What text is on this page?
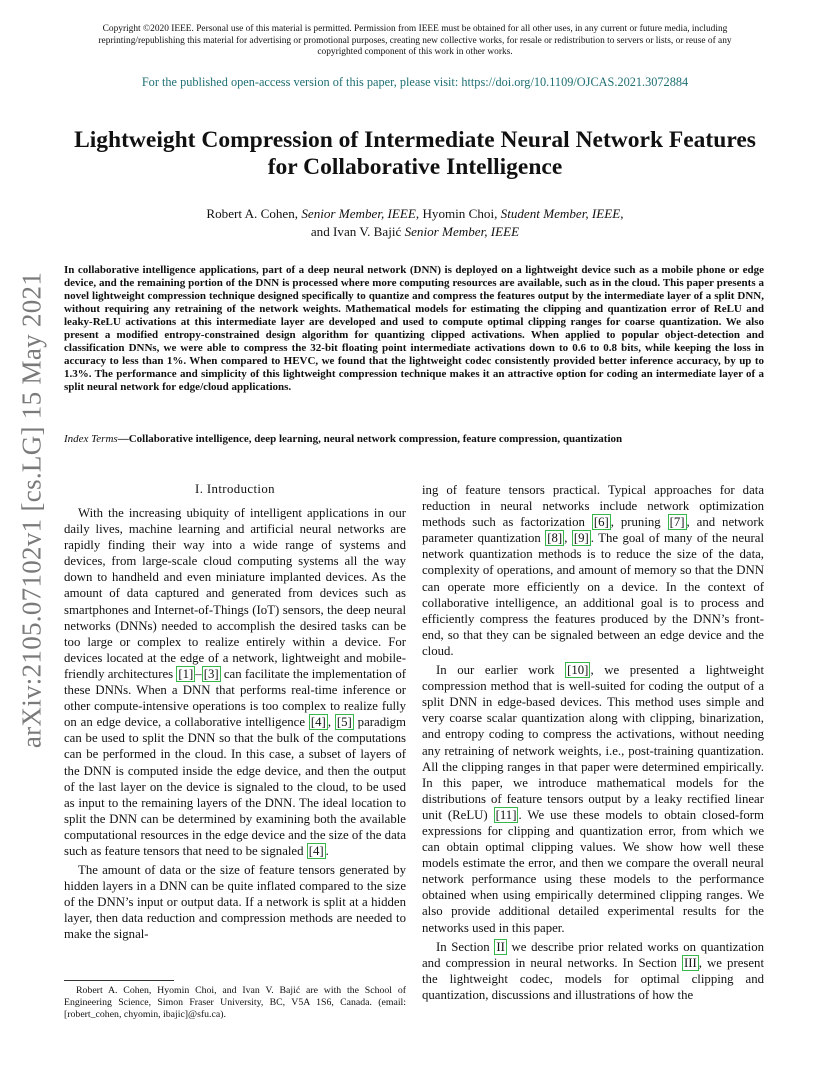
Copyright ©2020 IEEE. Personal use of this material is permitted. Permission from IEEE must be obtained for all other uses, in any current or future media, including reprinting/republishing this material for advertising or promotional purposes, creating new collective works, for resale or redistribution to servers or lists, or reuse of any copyrighted component of this work in other works.
For the published open-access version of this paper, please visit: https://doi.org/10.1109/OJCAS.2021.3072884
Lightweight Compression of Intermediate Neural Network Features
for Collaborative Intelligence
Robert A. Cohen, Senior Member, IEEE, Hyomin Choi, Student Member, IEEE,
and Ivan V. Bajić Senior Member, IEEE
arXiv:2105.07102v1 [cs.LG] 15 May 2021
In collaborative intelligence applications, part of a deep neural network (DNN) is deployed on a lightweight device such as a mobile phone or edge device, and the remaining portion of the DNN is processed where more computing resources are available, such as in the cloud. This paper presents a novel lightweight compression technique designed specifically to quantize and compress the features output by the intermediate layer of a split DNN, without requiring any retraining of the network weights. Mathematical models for estimating the clipping and quantization error of ReLU and leaky-ReLU activations at this intermediate layer are developed and used to compute optimal clipping ranges for coarse quantization. We also present a modified entropy-constrained design algorithm for quantizing clipped activations. When applied to popular object-detection and classification DNNs, we were able to compress the 32-bit floating point intermediate activations down to 0.6 to 0.8 bits, while keeping the loss in accuracy to less than 1%. When compared to HEVC, we found that the lightweight codec consistently provided better inference accuracy, by up to 1.3%. The performance and simplicity of this lightweight compression technique makes it an attractive option for coding an intermediate layer of a split neural network for edge/cloud applications.
Index Terms—Collaborative intelligence, deep learning, neural network compression, feature compression, quantization
I. Introduction

With the increasing ubiquity of intelligent applications in our daily lives, machine learning and artificial neural networks are rapidly finding their way into a wide range of systems and devices, from large-scale cloud computing systems all the way down to handheld and even miniature implanted devices. As the amount of data captured and generated from devices such as smartphones and Internet-of-Things (IoT) sensors, the deep neural networks (DNNs) needed to accomplish the desired tasks can be too large or complex to realize entirely within a device. For devices located at the edge of a network, lightweight and mobile-friendly architectures [1] – [3] can facilitate the implementation of these DNNs. When a DNN that performs real-time inference or other compute-intensive operations is too complex to realize fully on an edge device, a collaborative intelligence [4] , [5] paradigm can be used to split the DNN so that the bulk of the computations can be performed in the cloud. In this case, a subset of layers of the DNN is computed inside the edge device, and then the output of the last layer on the device is signaled to the cloud, to be used as input to the remaining layers of the DNN. The ideal location to split the DNN can be determined by examining both the available computational resources in the edge device and the size of the data such as feature tensors that need to be signaled [4] .

The amount of data or the size of feature tensors generated by hidden layers in a DNN can be quite inflated compared to the size of the DNN’s input or output data. If a network is split at a hidden layer, then data reduction and compression methods are needed to make the signal-

Robert A. Cohen, Hyomin Choi, and Ivan V. Bajić are with the School of Engineering Science, Simon Fraser University, BC, V5A 1S6, Canada. (email: [robert_cohen, chyomin, ibajic]@sfu.ca).

ing of feature tensors practical. Typical approaches for data reduction in neural networks include network optimization methods such as factorization [6] , pruning [7] , and network parameter quantization [8] , [9] . The goal of many of the neural network quantization methods is to reduce the size of the data, complexity of operations, and amount of memory so that the DNN can operate more efficiently on a device. In the context of collaborative intelligence, an additional goal is to process and efficiently compress the features produced by the DNN’s front-end, so that they can be signaled between an edge device and the cloud.

In our earlier work [10] , we presented a lightweight compression method that is well-suited for coding the output of a split DNN in edge-based devices. This method uses simple and very coarse scalar quantization along with clipping, binarization, and entropy coding to compress the activations, without needing any retraining of network weights, i.e., post-training quantization. All the clipping ranges in that paper were determined empirically. In this paper, we introduce mathematical models for the distributions of feature tensors output by a leaky rectified linear unit (ReLU) [11] . We use these models to obtain closed-form expressions for clipping and quantization error, from which we can obtain optimal clipping values. We show how well these models estimate the error, and then we compare the overall neural network performance using these models to the performance obtained when using empirically determined clipping ranges. We also provide additional detailed experimental results for the networks used in this paper.

In Section II we describe prior related works on quantization and compression in neural networks. In Section III , we present the lightweight codec, models for optimal clipping and quantization, discussions and illustrations of how the
